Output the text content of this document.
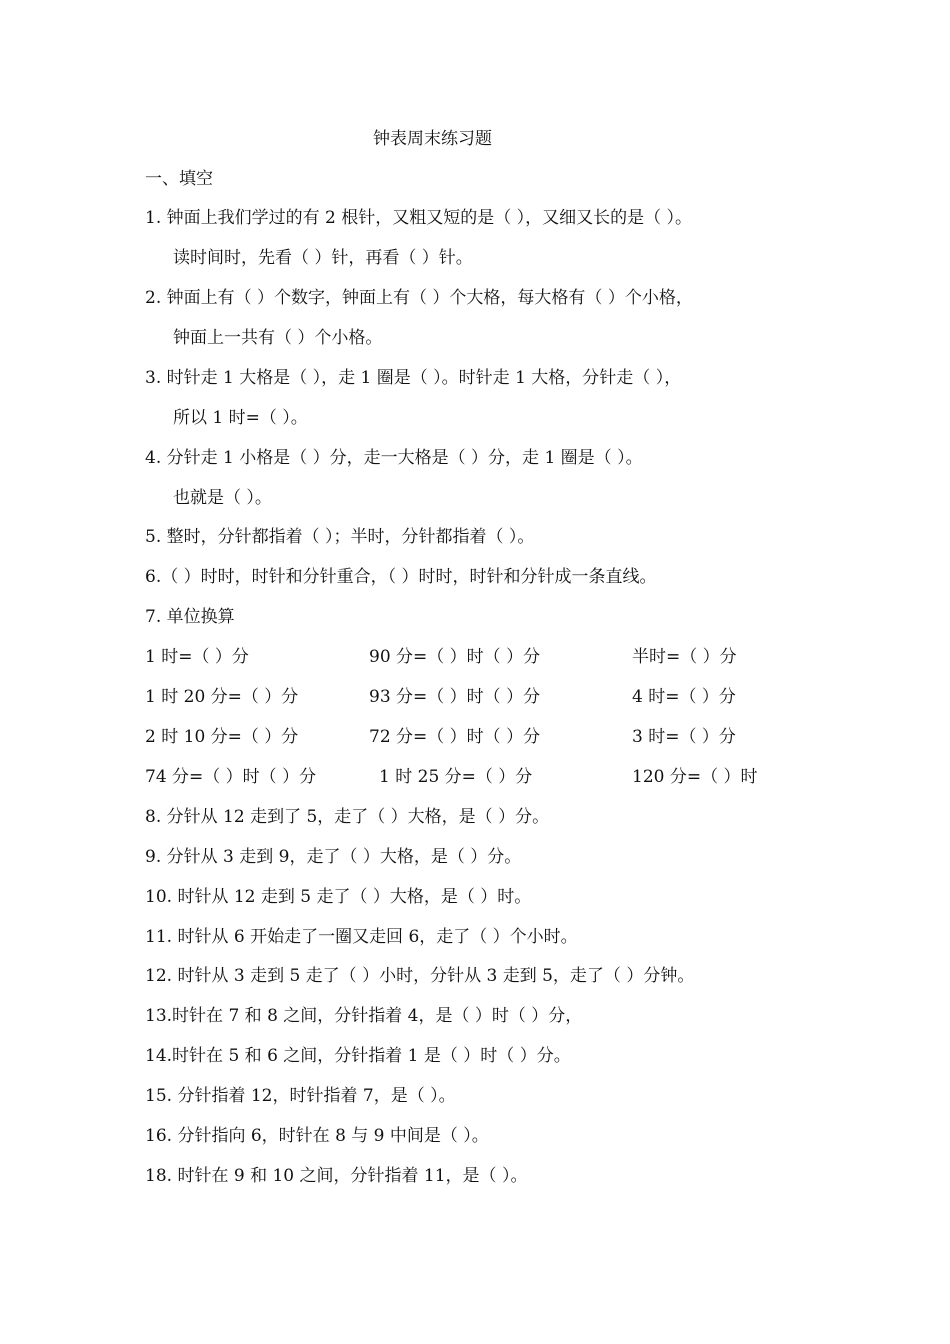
钟表周末练习题
一、填空
1. 钟面上我们学过的有 2 根针，又粗又短的是（ ），又细又长的是（ ）。
读时间时，先看（ ）针，再看（ ）针。
2. 钟面上有（ ）个数字，钟面上有（ ）个大格，每大格有（ ）个小格，
钟面上一共有（ ）个小格。
3. 时针走 1 大格是（ ），走 1 圈是（ ）。时针走 1 大格，分针走（ ），
所以 1 时=（ ）。
4. 分针走 1 小格是（ ）分，走一大格是（ ）分，走 1 圈是（ ）。
也就是（ ）。
5. 整时，分针都指着（ ）；半时，分针都指着（ ）。
6.（ ）时时，时针和分针重合，（ ）时时，时针和分针成一条直线。
7. 单位换算
1 时=（ ）分	90 分=（ ）时（ ）分	半时=（ ）分
1 时 20 分=（ ）分	93 分=（ ）时（ ）分	4 时=（ ）分
2 时 10 分=（ ）分	72 分=（ ）时（ ）分	3 时=（ ）分
74 分=（ ）时（ ）分	1 时 25 分=（ ）分	120 分=（ ）时
8. 分针从 12 走到了 5，走了（ ）大格，是（ ）分。
9. 分针从 3 走到 9，走了（ ）大格，是（ ）分。
10. 时针从 12 走到 5 走了（ ）大格，是（ ）时。
11. 时针从 6 开始走了一圈又走回 6，走了（ ）个小时。
12. 时针从 3 走到 5 走了（ ）小时，分针从 3 走到 5，走了（ ）分钟。
13.时针在 7 和 8 之间，分针指着 4，是（ ）时（ ）分，
14.时针在 5 和 6 之间，分针指着 1 是（ ）时（ ）分。
15. 分针指着 12，时针指着 7，是（ ）。
16. 分针指向 6，时针在 8 与 9 中间是（ ）。
18. 时针在 9 和 10 之间，分针指着 11，是（ ）。
